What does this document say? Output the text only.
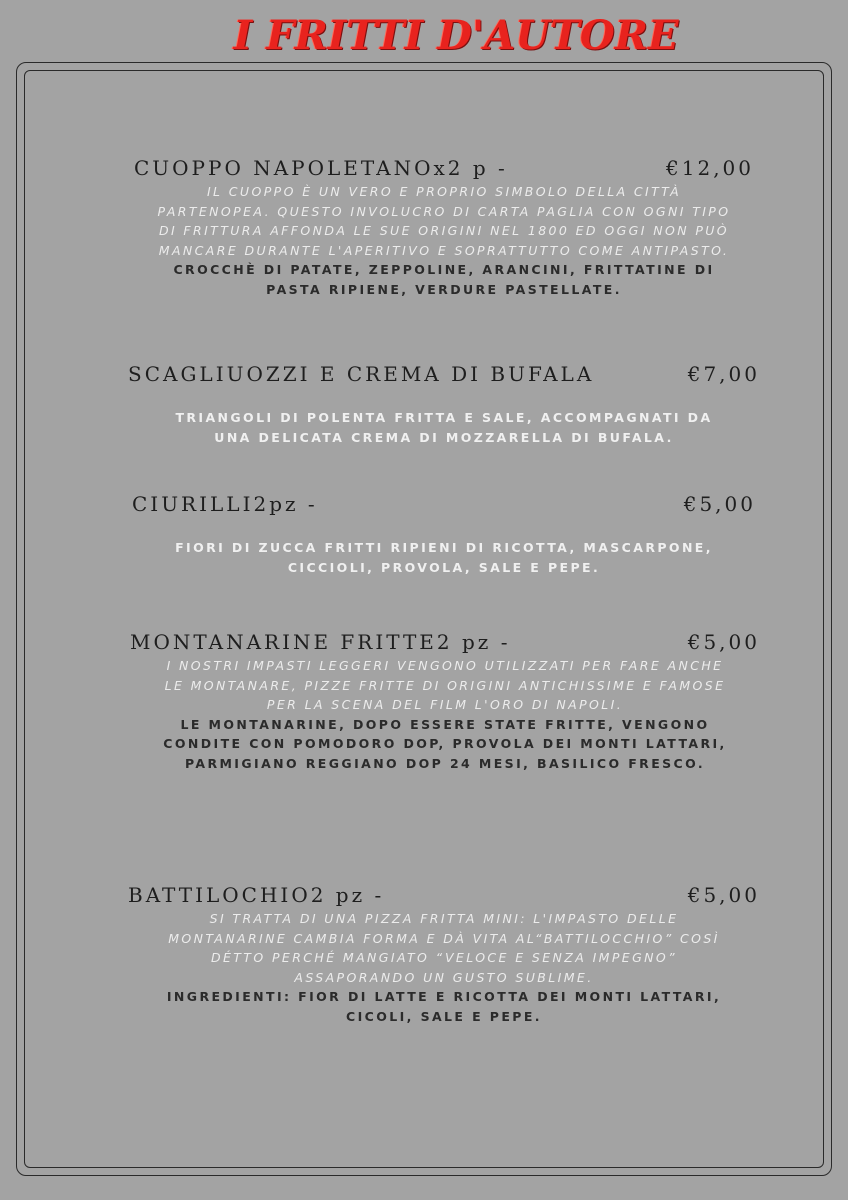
I FRITTI D'AUTORE
CUOPPO NAPOLETANOx2 p -	€12,00
IL CUOPPO È UN VERO E PROPRIO SIMBOLO DELLA CITTÀ PARTENOPEA. QUESTO INVOLUCRO DI CARTA PAGLIA CON OGNI TIPO DI FRITTURA AFFONDA LE SUE ORIGINI NEL 1800 ED OGGI NON PUÒ MANCARE DURANTE L'APERITIVO E SOPRATTUTTO COME ANTIPASTO.
CROCCHÈ DI PATATE, ZEPPOLINE, ARANCINI, FRITTATINE DI PASTA RIPIENE, VERDURE PASTELLATE.
SCAGLIUOZZI E CREMA DI BUFALA	€7,00
TRIANGOLI DI POLENTA FRITTA E SALE, ACCOMPAGNATI DA UNA DELICATA CREMA DI MOZZARELLA DI BUFALA.
CIURILLI2pz -	€5,00
FIORI DI ZUCCA FRITTI RIPIENI DI RICOTTA, MASCARPONE, CICCIOLI, PROVOLA, SALE E PEPE.
MONTANARINE FRITTE2 pz -	€5,00
I NOSTRI IMPASTI LEGGERI VENGONO UTILIZZATI PER FARE ANCHE LE MONTANARE, PIZZE FRITTE DI ORIGINI ANTICHISSIME E FAMOSE PER LA SCENA DEL FILM L'ORO DI NAPOLI.
LE MONTANARINE, DOPO ESSERE STATE FRITTE, VENGONO CONDITE CON POMODORO DOP, PROVOLA DEI MONTI LATTARI, PARMIGIANO REGGIANO DOP 24 MESI, BASILICO FRESCO.
BATTILOCHIO2 pz -	€5,00
SI TRATTA DI UNA PIZZA FRITTA MINI: L'IMPASTO DELLE MONTANARINE CAMBIA FORMA E DÀ VITA AL“BATTILOCCHIO” COSÌ DÉTTO PERCHÉ MANGIATO “VELOCE E SENZA IMPEGNO” ASSAPORANDO UN GUSTO SUBLIME.
INGREDIENTI: FIOR DI LATTE E RICOTTA DEI MONTI LATTARI, CICOLI, SALE E PEPE.
